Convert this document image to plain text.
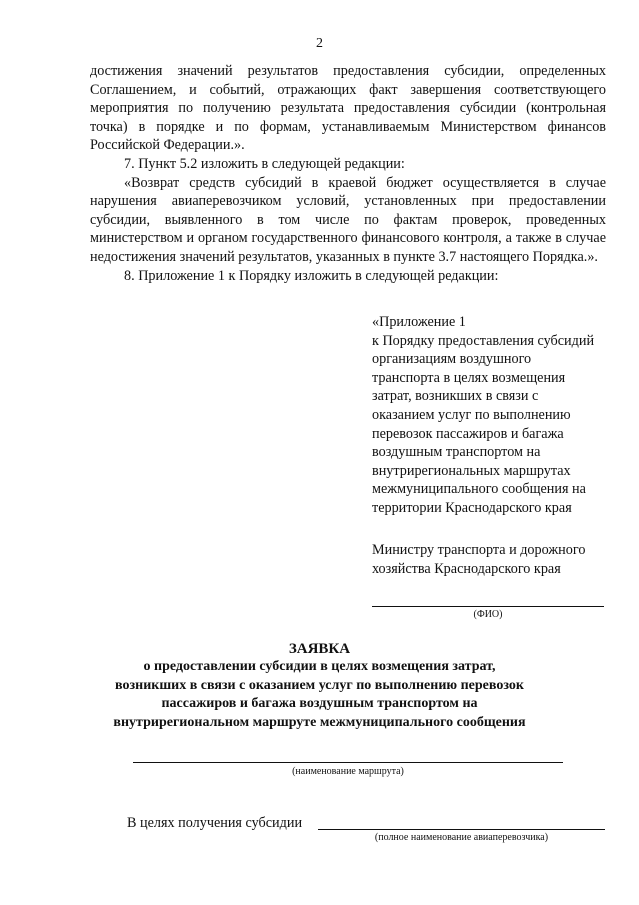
2

достижения значений результатов предоставления субсидии, определенных Соглашением, и событий, отражающих факт завершения соответствующего мероприятия по получению результата предоставления субсидии (контрольная точка) в порядке и по формам, устанавливаемым Министерством финансов Российской Федерации.».

7. Пункт 5.2 изложить в следующей редакции:

«Возврат средств субсидий в краевой бюджет осуществляется в случае нарушения авиаперевозчиком условий, установленных при предоставлении субсидии, выявленного в том числе по фактам проверок, проведенных министерством и органом государственного финансового контроля, а также в случае недостижения значений результатов, указанных в пункте 3.7 настоящего Порядка.».

8. Приложение 1 к Порядку изложить в следующей редакции:

«Приложение 1
к Порядку предоставления субсидий
организациям воздушного
транспорта в целях возмещения
затрат, возникших в связи с
оказанием услуг по выполнению
перевозок пассажиров и багажа
воздушным транспортом на
внутрирегиональных маршрутах
межмуниципального сообщения на
территории Краснодарского края
Министру транспорта и дорожного
хозяйства Краснодарского края
(ФИО)
ЗАЯВКА
о предоставлении субсидии в целях возмещения затрат, возникших в связи с оказанием услуг по выполнению перевозок пассажиров и багажа воздушным транспортом на внутрирегиональном маршруте межмуниципального сообщения
(наименование маршрута)
В целях получения субсидии
(полное наименование авиаперевозчика)
